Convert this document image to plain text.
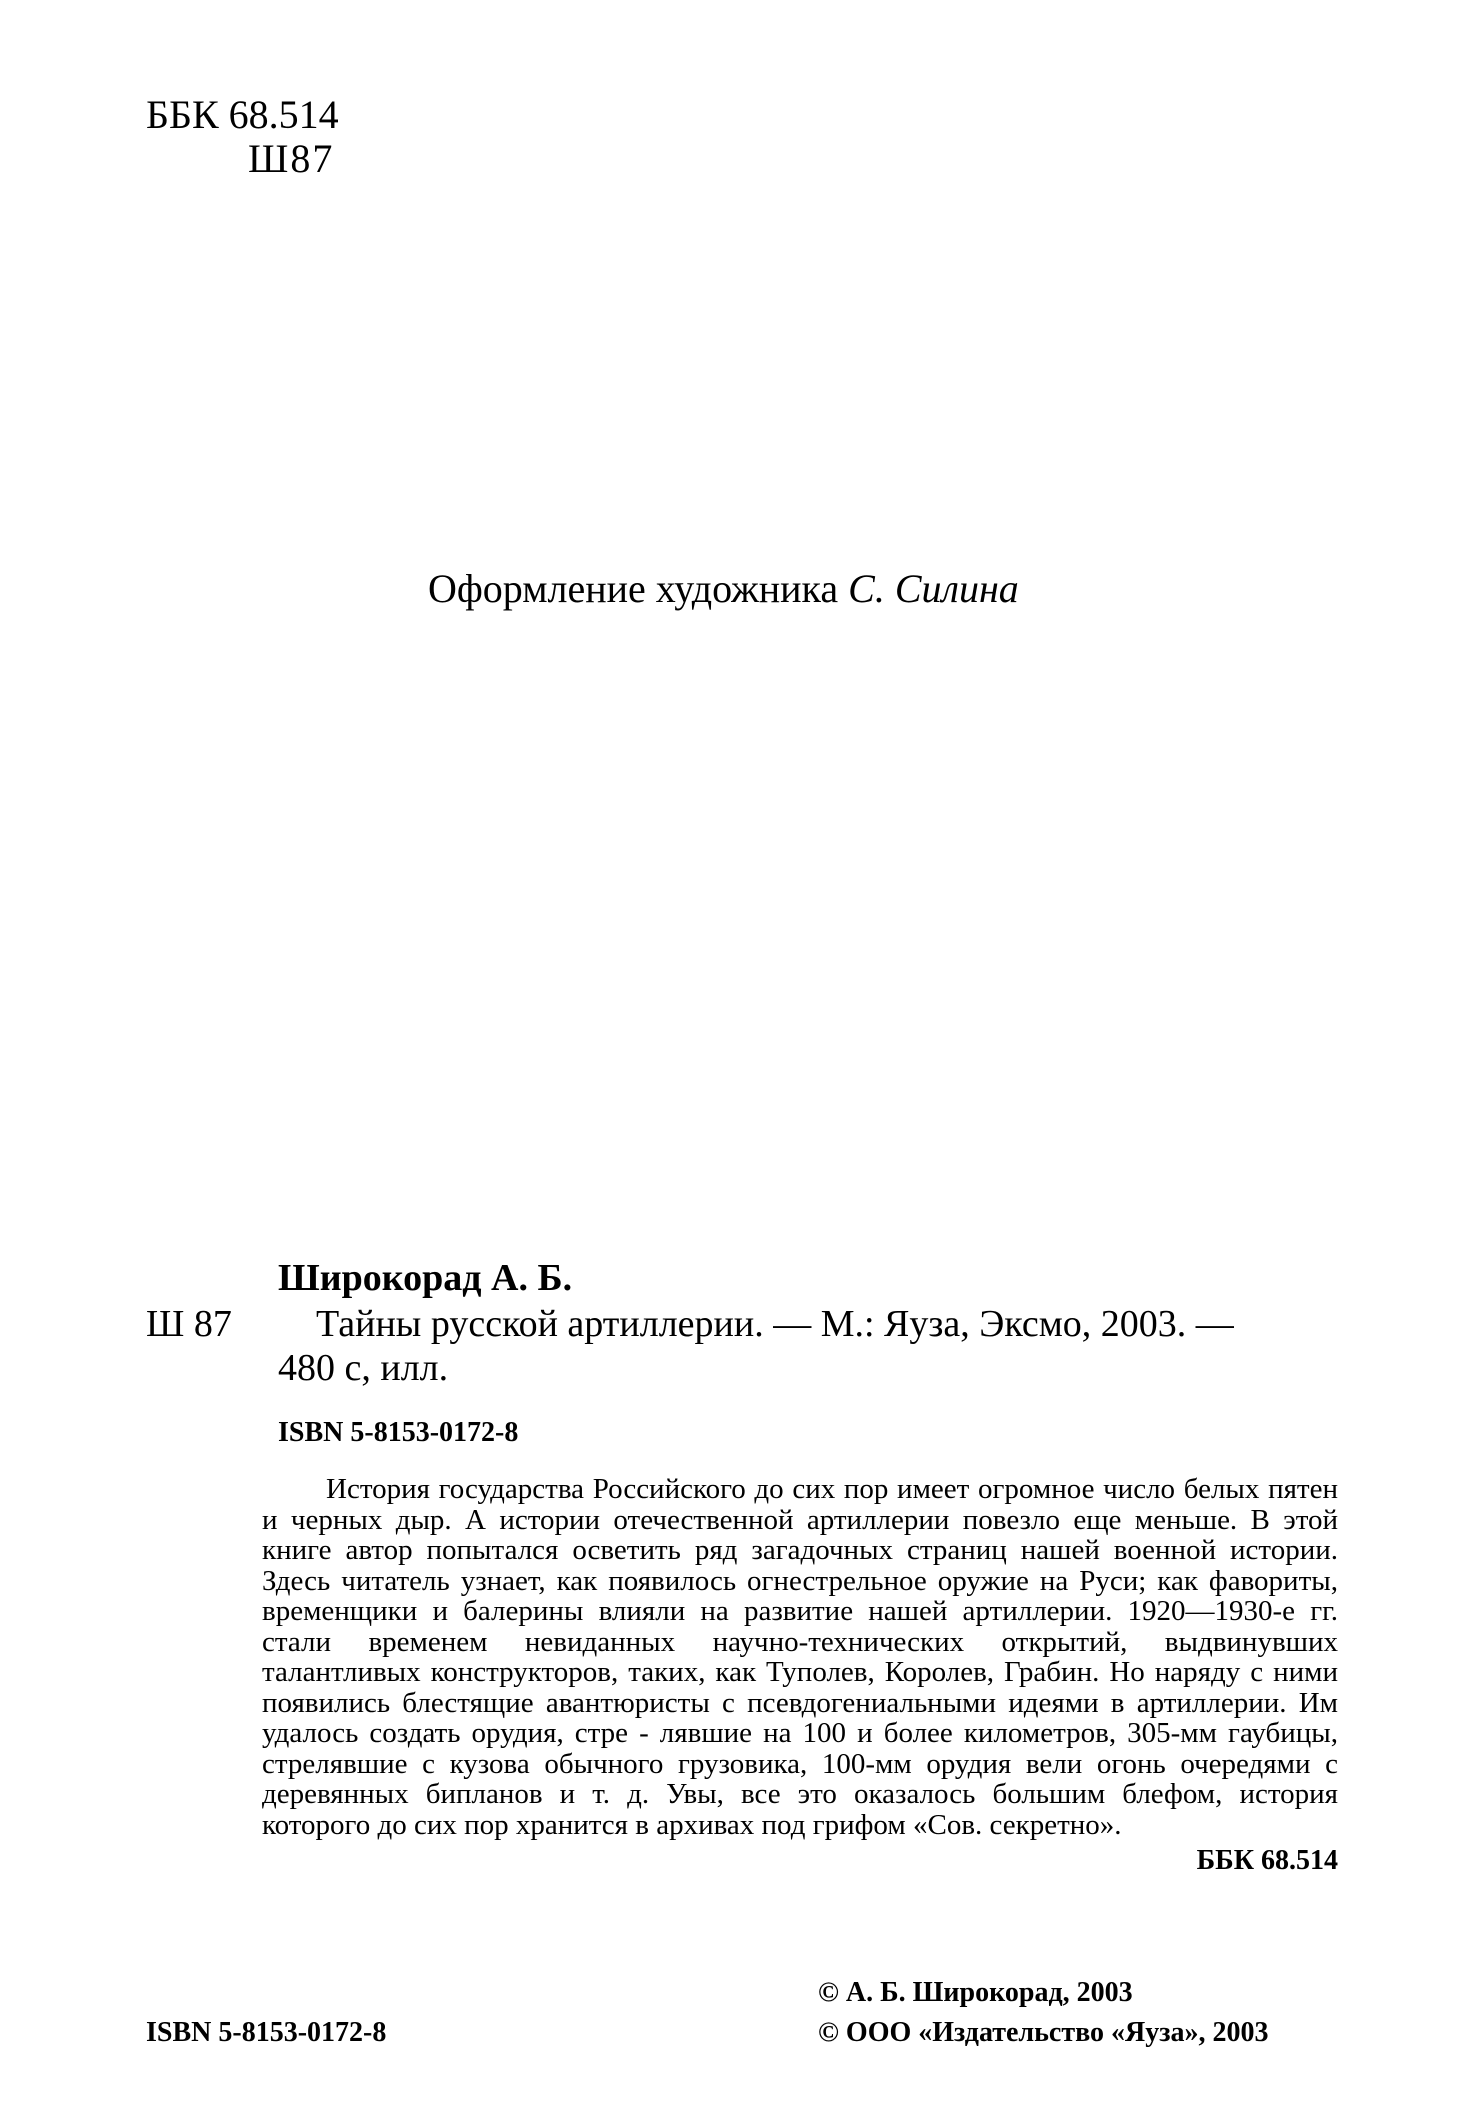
ББК 68.514
Ш87
Оформление художника С. Силина
Широкорад А. Б.
Ш 87 Тайны русской артиллерии. — М.: Яуза, Эксмо, 2003. —
480 с, илл.
ISBN 5-8153-0172-8

История государства Российского до сих пор имеет огромное число белых пятен и черных дыр. А истории отечественной артиллерии повезло еще меньше. В этой книге автор попытался осветить ряд загадочных страниц нашей военной истории. Здесь читатель узнает, как появилось огнестрельное оружие на Руси; как фавориты, временщики и балерины влияли на развитие нашей артиллерии. 1920—1930-е гг. стали временем невиданных научно-технических открытий, выдвинувших талантливых конструкторов, таких, как Туполев, Королев, Грабин. Но наряду с ними появились блестящие авантюристы с псевдогениальными идеями в артиллерии. Им удалось создать орудия, стре - лявшие на 100 и более километров, 305-мм гаубицы, стрелявшие с кузова обычного грузовика, 100-мм орудия вели огонь очередями с деревянных бипланов и т. д. Увы, все это оказалось большим блефом, история которого до сих пор хранится в архивах под грифом «Сов. секретно».

ББК 68.514
© А. Б. Широкорад, 2003
© ООО «Издательство «Яуза», 2003
ISBN 5-8153-0172-8
